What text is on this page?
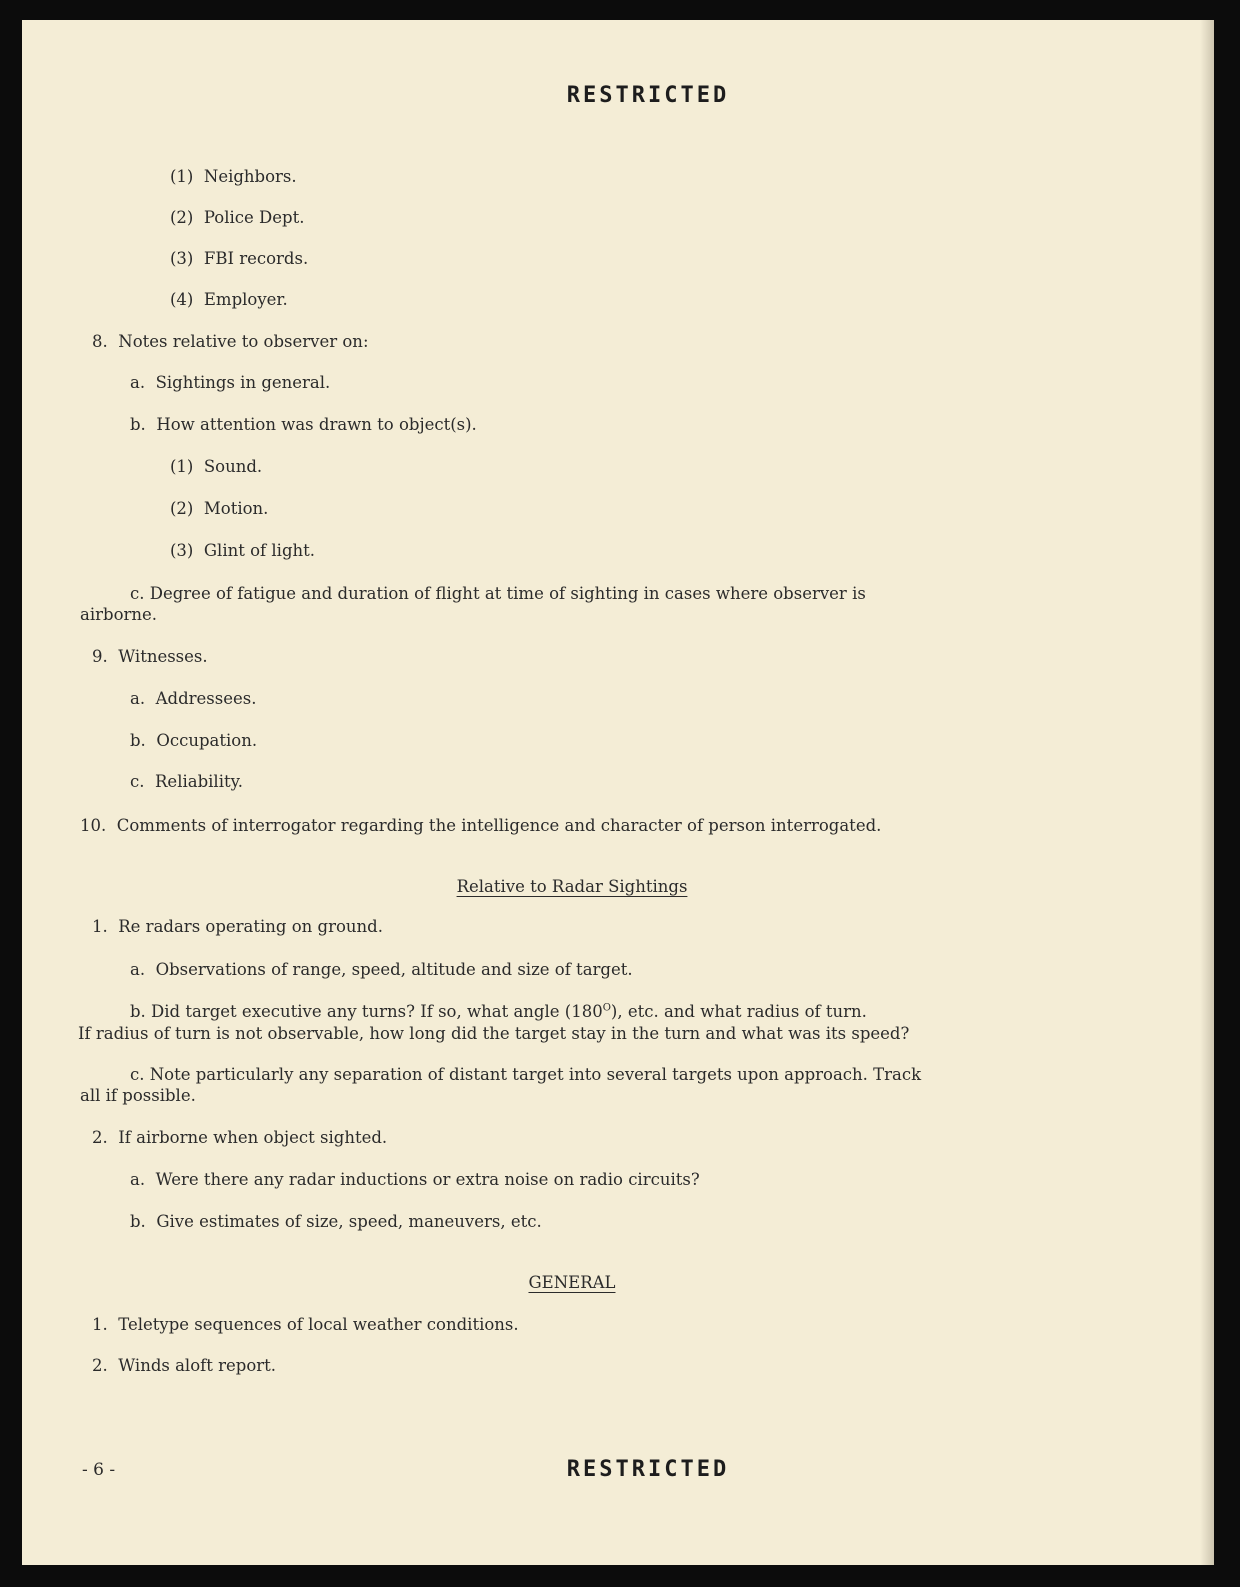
RESTRICTED
(1) Neighbors.
(2) Police Dept.
(3) FBI records.
(4) Employer.
8. Notes relative to observer on:
a. Sightings in general.
b. How attention was drawn to object(s).
(1) Sound.
(2) Motion.
(3) Glint of light.
c. Degree of fatigue and duration of flight at time of sighting in cases where observer is
airborne.
9. Witnesses.
a. Addressees.
b. Occupation.
c. Reliability.
10. Comments of interrogator regarding the intelligence and character of person interrogated.
Relative to Radar Sightings
1. Re radars operating on ground.
a. Observations of range, speed, altitude and size of target.
b. Did target executive any turns? If so, what angle $(180^O)$, etc. and what radius of turn.
If radius of turn is not observable, how long did the target stay in the turn and what was its speed?
c. Note particularly any separation of distant target into several targets upon approach. Track
all if possible.
2. If airborne when object sighted.
a. Were there any radar inductions or extra noise on radio circuits?
b. Give estimates of size, speed, maneuvers, etc.
GENERAL
1. Teletype sequences of local weather conditions.
2. Winds aloft report.
- 6 -	RESTRICTED
